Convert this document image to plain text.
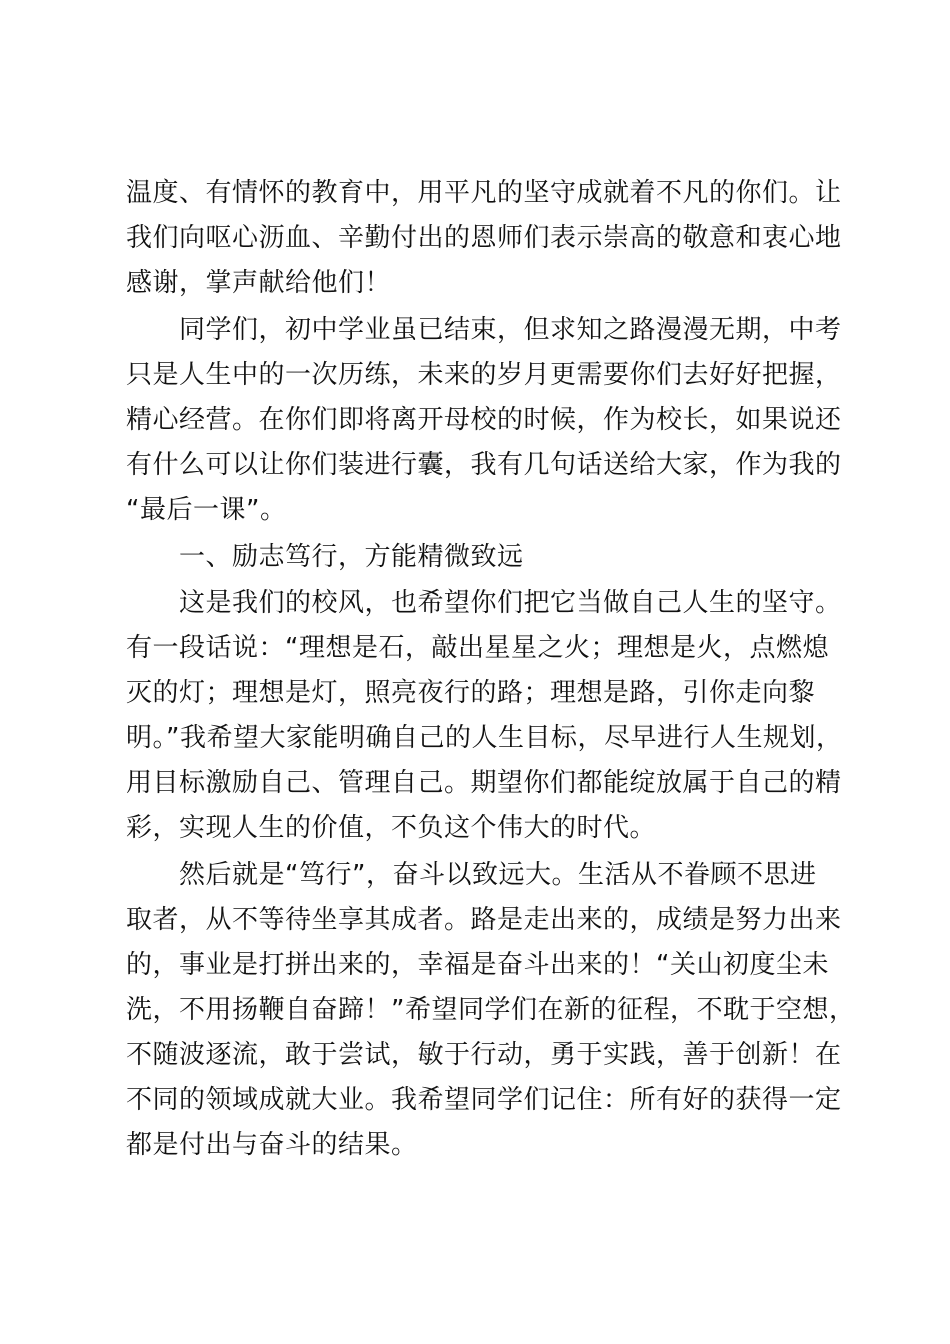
温度、有情怀的教育中，用平凡的坚守成就着不凡的你们。让
我们向呕心沥血、辛勤付出的恩师们表示崇高的敬意和衷心地
感谢，掌声献给他们！
　　同学们，初中学业虽已结束，但求知之路漫漫无期，中考
只是人生中的一次历练，未来的岁月更需要你们去好好把握，
精心经营。在你们即将离开母校的时候，作为校长，如果说还
有什么可以让你们装进行囊，我有几句话送给大家，作为我的
“最后一课”。
　　一、励志笃行，方能精微致远
　　这是我们的校风，也希望你们把它当做自己人生的坚守。
有一段话说：“理想是石，敲出星星之火；理想是火，点燃熄
灭的灯；理想是灯，照亮夜行的路；理想是路，引你走向黎
明。”我希望大家能明确自己的人生目标，尽早进行人生规划，
用目标激励自己、管理自己。期望你们都能绽放属于自己的精
彩，实现人生的价值，不负这个伟大的时代。
　　然后就是“笃行”，奋斗以致远大。生活从不眷顾不思进
取者，从不等待坐享其成者。路是走出来的，成绩是努力出来
的，事业是打拼出来的，幸福是奋斗出来的！“关山初度尘未
洗，不用扬鞭自奋蹄！”希望同学们在新的征程，不耽于空想，
不随波逐流，敢于尝试，敏于行动，勇于实践，善于创新！在
不同的领域成就大业。我希望同学们记住：所有好的获得一定
都是付出与奋斗的结果。
